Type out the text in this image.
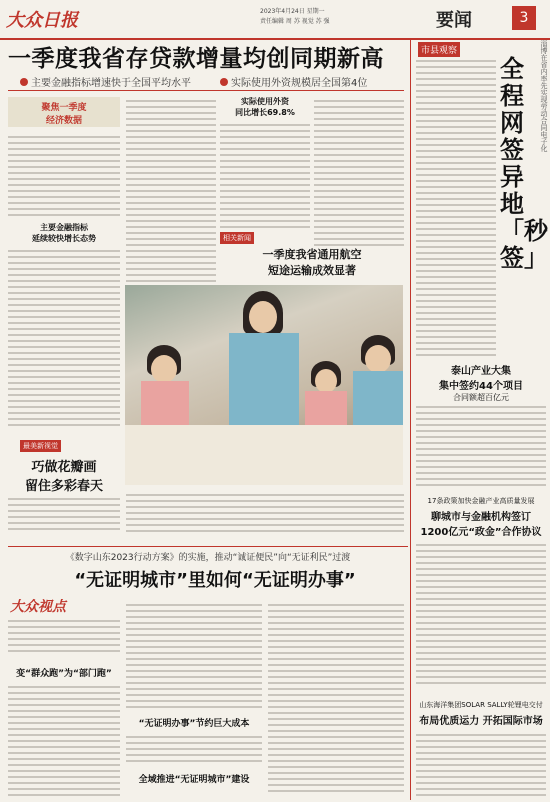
大众日报	2023年4月24日 星期一
责任编辑 周 苏 视觉 苏 强	要闻	3
一季度我省存贷款增量均创同期新高
主要金融指标增速快于全国平均水平	实际使用外资规模居全国第4位
聚焦一季度
经济数据
主要金融指标
延续较快增长态势
最美新视觉
巧做花瓣画
留住多彩春天
实际使用外资
同比增长69.8%
相关新闻
一季度我省通用航空
短途运输成效显著
《数字山东2023行动方案》的实施，推动“诚证便民”向“无证利民”过渡
“无证明城市”里如何“无证明办事”
大众视点
变“群众跑”为“部门跑”
“无证明办事”节约巨大成本
全域推进“无证明城市”建设
市县观察
全程网签 异地「秒签」
淄博在省内率先实现劳动合同电子化
泰山产业大集
集中签约44个项目
合同额超百亿元
17条政策加快金融产业高质量发展
聊城市与金融机构签订
1200亿元“政金”合作协议
山东海洋集团SOLAR SALLY轮锂电交付
布局优质运力 开拓国际市场
